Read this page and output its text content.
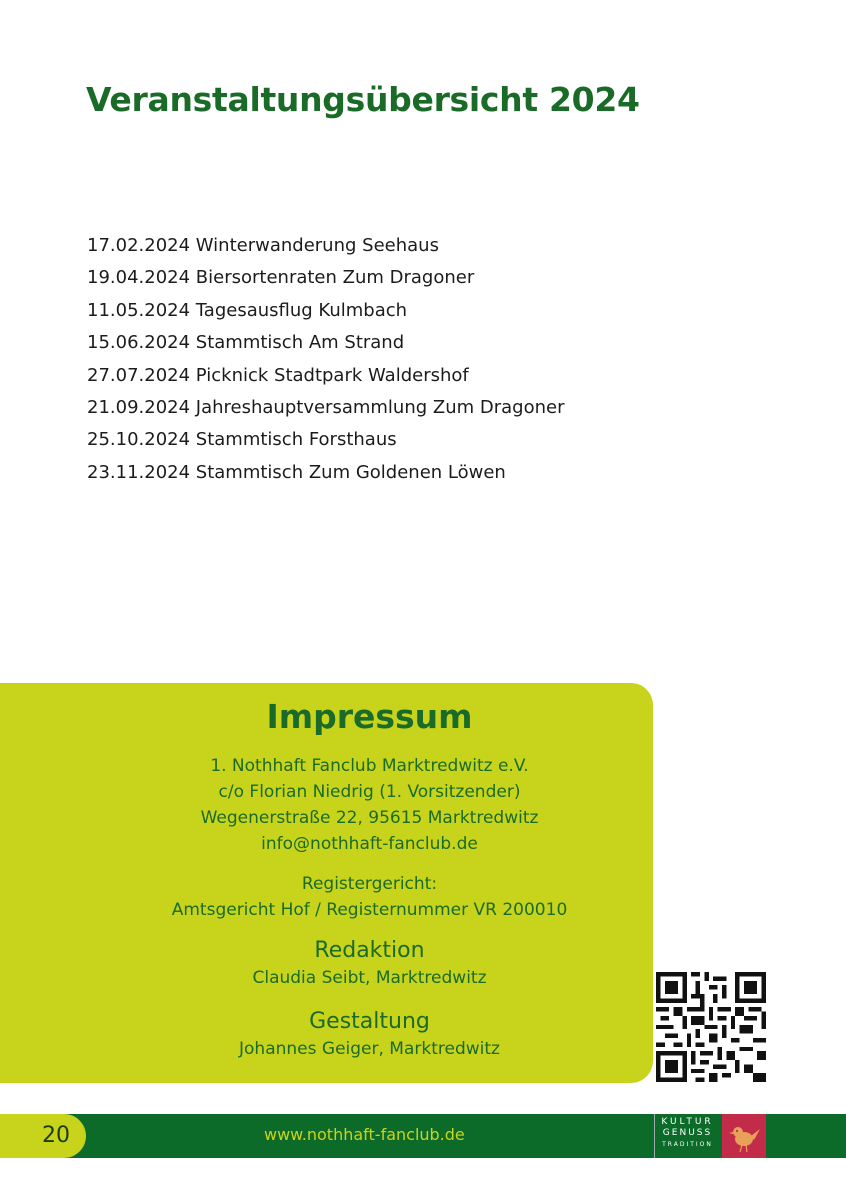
Veranstaltungsübersicht 2024
17.02.2024 Winterwanderung Seehaus
19.04.2024 Biersortenraten Zum Dragoner
11.05.2024 Tagesausflug Kulmbach
15.06.2024 Stammtisch Am Strand
27.07.2024 Picknick Stadtpark Waldershof
21.09.2024 Jahreshauptversammlung Zum Dragoner
25.10.2024 Stammtisch Forsthaus
23.11.2024 Stammtisch Zum Goldenen Löwen
Impressum
1. Nothhaft Fanclub Marktredwitz e.V.
c/o Florian Niedrig (1. Vorsitzender)
Wegenerstraße 22, 95615 Marktredwitz
info@nothhaft-fanclub.de
Registergericht:
Amtsgericht Hof / Registernummer VR 200010
Redaktion
Claudia Seibt, Marktredwitz
Gestaltung
Johannes Geiger, Marktredwitz
20	www.nothhaft-fanclub.de
KULTUR
GENUSS
TRADITION
